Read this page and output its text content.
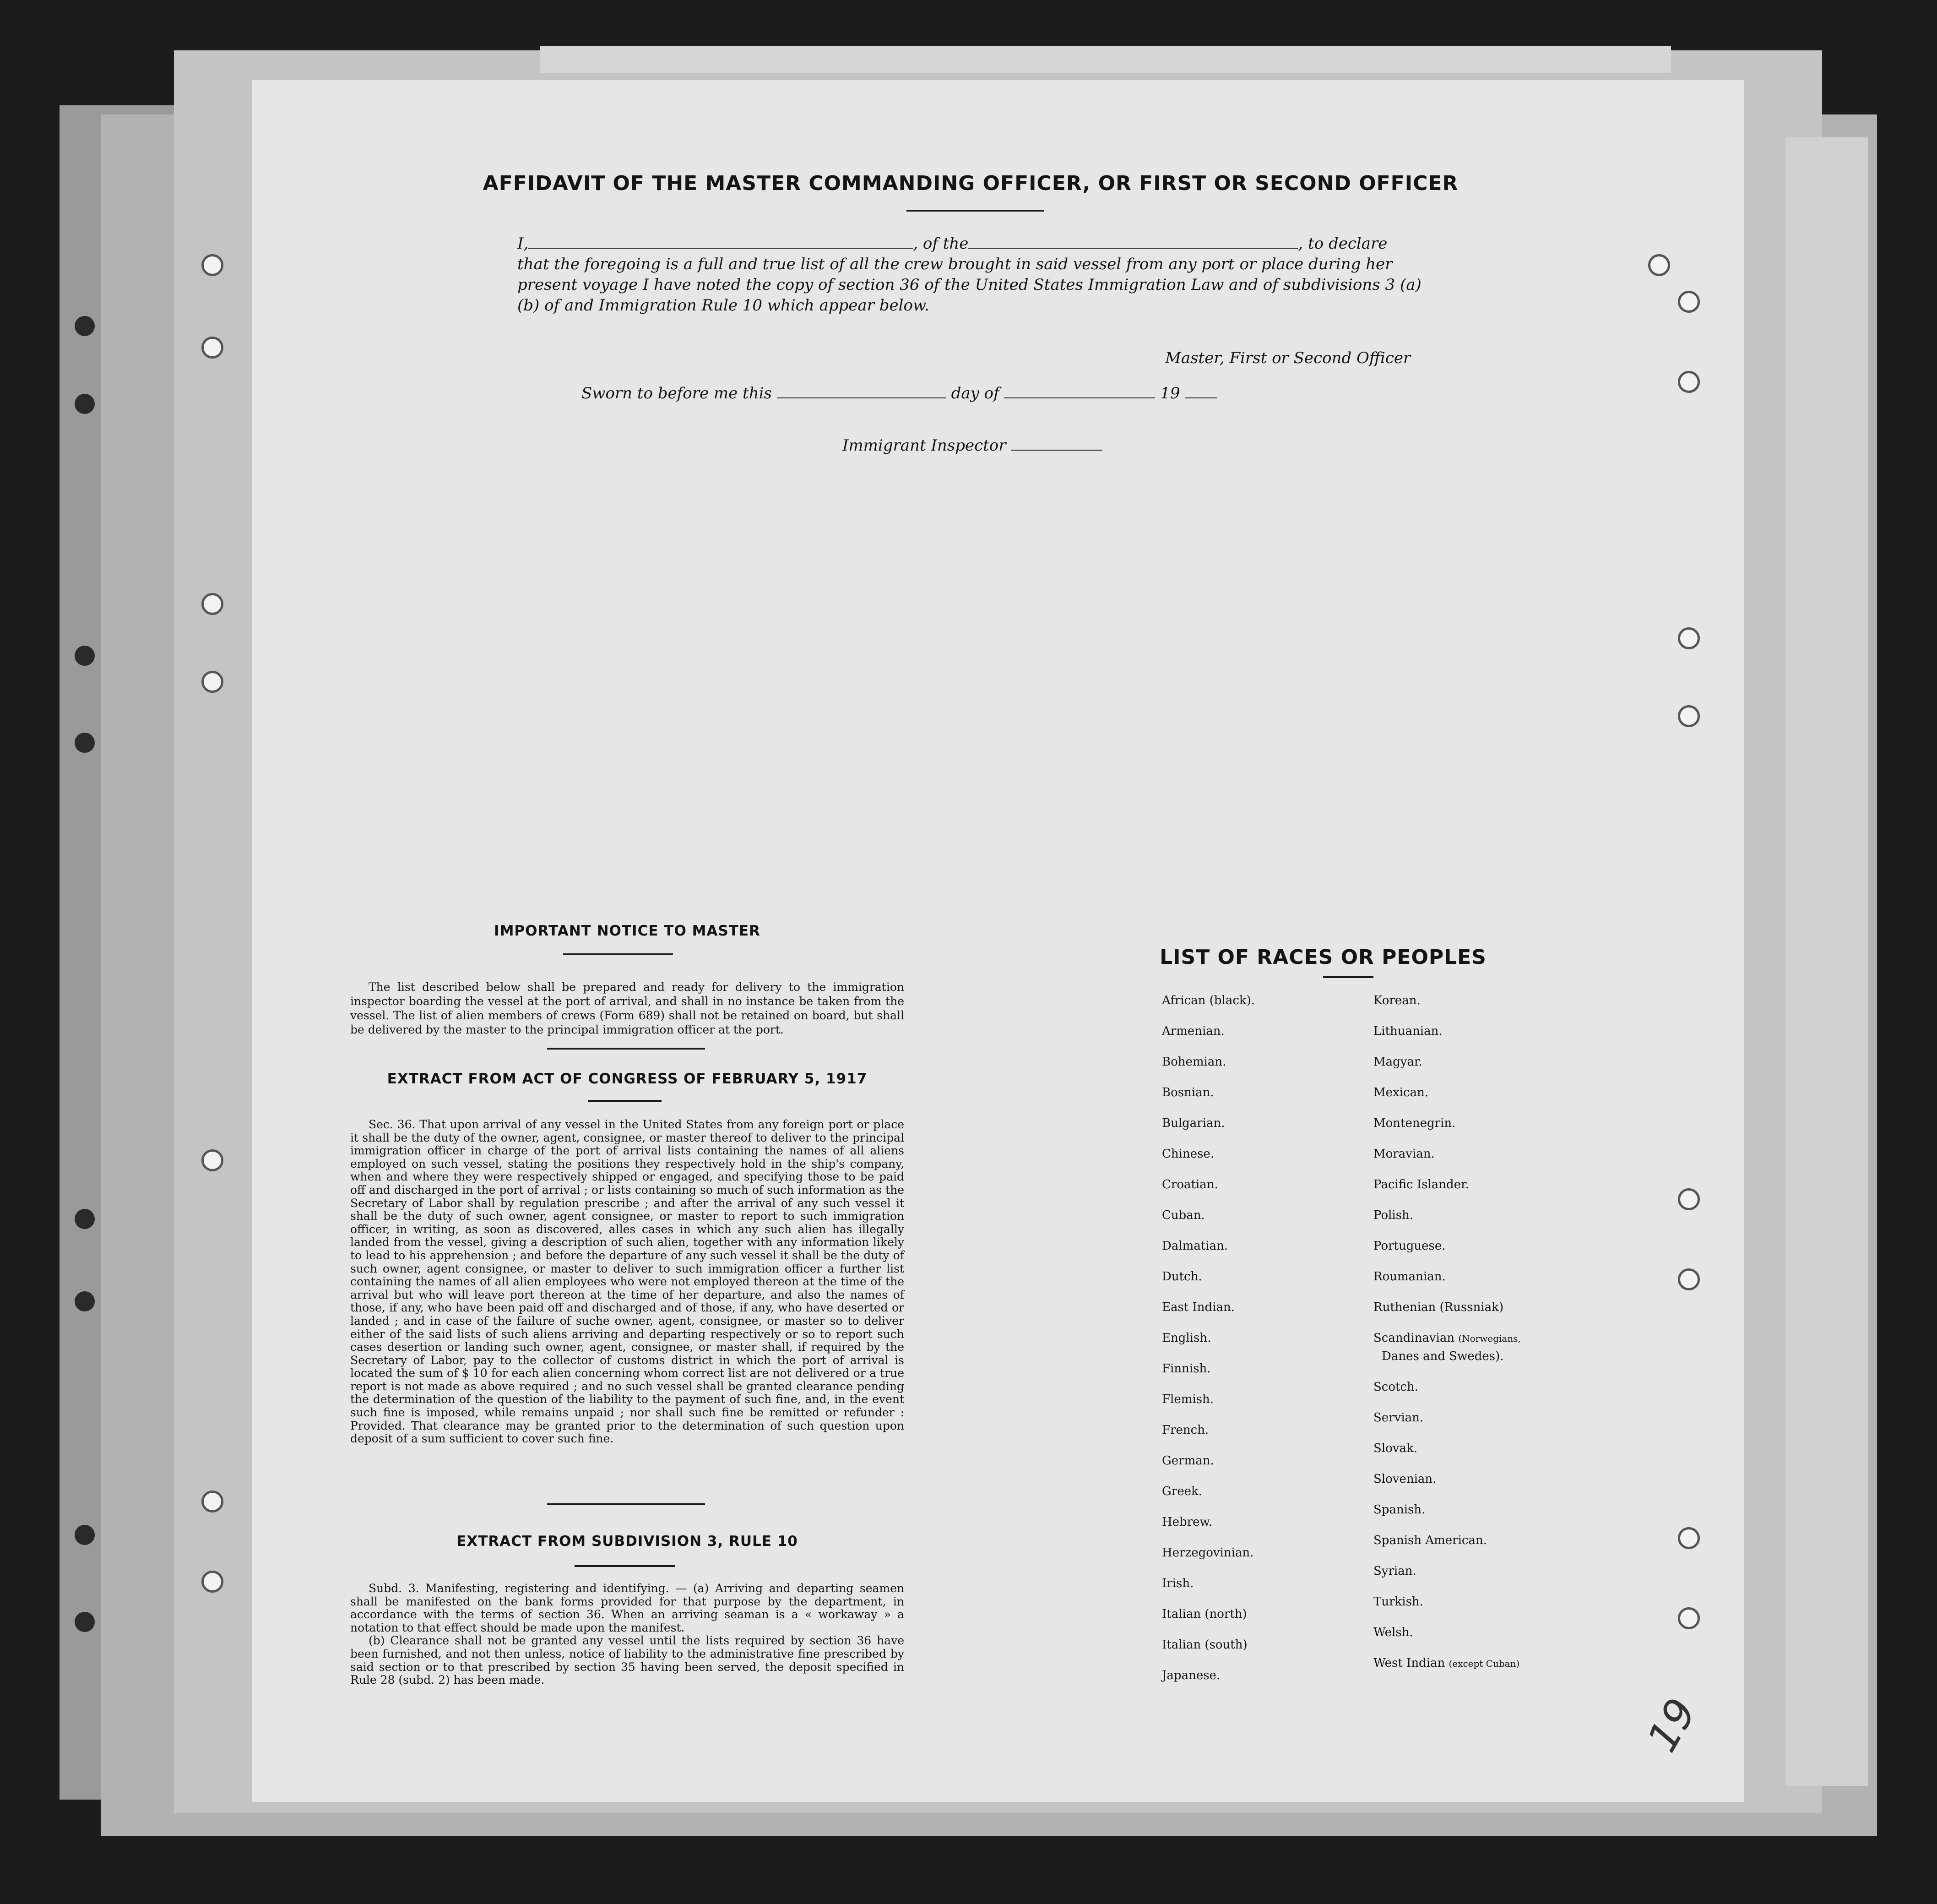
AFFIDAVIT OF THE MASTER COMMANDING OFFICER, OR FIRST OR SECOND OFFICER
I,	, of the	, to declare
that the foregoing is a full and true list of all the crew brought in said vessel from any port or place during her present voyage I have noted the copy of section 36 of the United States Immigration Law and of subdivisions 3 (a) (b) of and Immigration Rule 10 which appear below.
Master, First or Second Officer
Sworn to before me this	day of	19
Immigrant Inspector
IMPORTANT NOTICE TO MASTER
The list described below shall be prepared and ready for delivery to the immigration inspector boarding the vessel at the port of arrival, and shall in no instance be taken from the vessel. The list of alien members of crews (Form 689) shall not be retained on board, but shall be delivered by the master to the principal immigration officer at the port.
EXTRACT FROM ACT OF CONGRESS OF FEBRUARY 5, 1917
Sec. 36. That upon arrival of any vessel in the United States from any foreign port or place it shall be the duty of the owner, agent, consignee, or master thereof to deliver to the principal immigration officer in charge of the port of arrival lists containing the names of all aliens employed on such vessel, stating the positions they respectively hold in the ship's company, when and where they were respectively shipped or engaged, and specifying those to be paid off and discharged in the port of arrival ; or lists containing so much of such information as the Secretary of Labor shall by regulation prescribe ; and after the arrival of any such vessel it shall be the duty of such owner, agent consignee, or master to report to such immigration officer, in writing, as soon as discovered, alles cases in which any such alien has illegally landed from the vessel, giving a description of such alien, together with any information likely to lead to his apprehension ; and before the departure of any such vessel it shall be the duty of such owner, agent consignee, or master to deliver to such immigration officer a further list containing the names of all alien employees who were not employed thereon at the time of the arrival but who will leave port thereon at the time of her departure, and also the names of those, if any, who have been paid off and discharged and of those, if any, who have deserted or landed ; and in case of the failure of suche owner, agent, consignee, or master so to deliver either of the said lists of such aliens arriving and departing respectively or so to report such cases desertion or landing such owner, agent, consignee, or master shall, if required by the Secretary of Labor, pay to the collector of customs district in which the port of arrival is located the sum of $ 10 for each alien concerning whom correct list are not delivered or a true report is not made as above required ; and no such vessel shall be granted clearance pending the determination of the question of the liability to the payment of such fine, and, in the event such fine is imposed, while remains unpaid ; nor shall such fine be remitted or refunder : Provided. That clearance may be granted prior to the determination of such question upon deposit of a sum sufficient to cover such fine.
EXTRACT FROM SUBDIVISION 3, RULE 10

Subd. 3. Manifesting, registering and identifying. — (a) Arriving and departing seamen shall be manifested on the bank forms provided for that purpose by the department, in accordance with the terms of section 36. When an arriving seaman is a « workaway » a notation to that effect should be made upon the manifest.

(b) Clearance shall not be granted any vessel until the lists required by section 36 have been furnished, and not then unless, notice of liability to the administrative fine prescribed by said section or to that prescribed by section 35 having been served, the deposit specified in Rule 28 (subd. 2) has been made.

LIST OF RACES OR PEOPLES
African (black).
Armenian.
Bohemian.
Bosnian.
Bulgarian.
Chinese.
Croatian.
Cuban.
Dalmatian.
Dutch.
East Indian.
English.
Finnish.
Flemish.
French.
German.
Greek.
Hebrew.
Herzegovinian.
Irish.
Italian (north)
Italian (south)
Japanese.
Korean.
Lithuanian.
Magyar.
Mexican.
Montenegrin.
Moravian.
Pacific Islander.
Polish.
Portuguese.
Roumanian.
Ruthenian (Russniak)
Scandinavian (Norwegians,
Danes and Swedes).
Scotch.
Servian.
Slovak.
Slovenian.
Spanish.
Spanish American.
Syrian.
Turkish.
Welsh.
West Indian (except Cuban)
19
